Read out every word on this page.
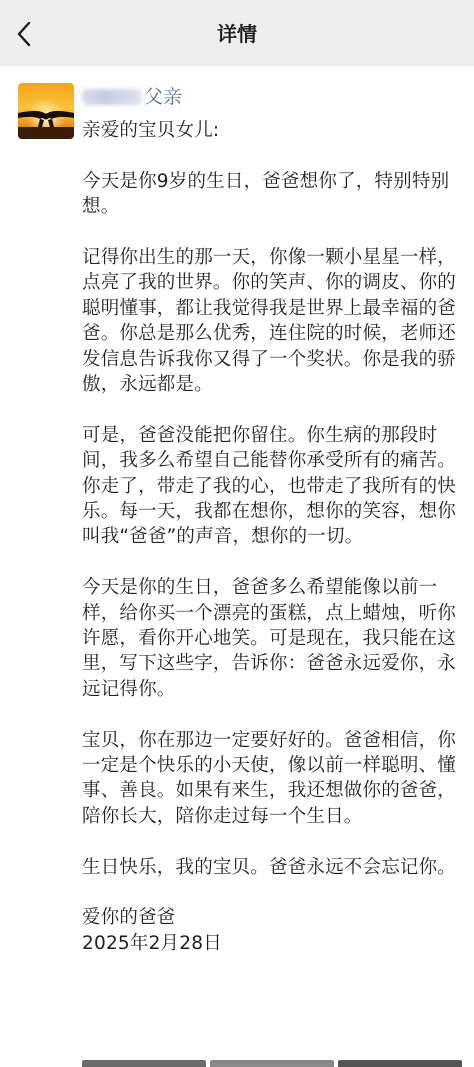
详情
父亲

亲爱的宝贝女儿:

今天是你9岁的生日，爸爸想你了，特别特别想。

记得你出生的那一天，你像一颗小星星一样，点亮了我的世界。你的笑声、你的调皮、你的聪明懂事，都让我觉得我是世界上最幸福的爸爸。你总是那么优秀，连住院的时候，老师还发信息告诉我你又得了一个奖状。你是我的骄傲，永远都是。

可是，爸爸没能把你留住。你生病的那段时间，我多么希望自己能替你承受所有的痛苦。你走了，带走了我的心，也带走了我所有的快乐。每一天，我都在想你，想你的笑容，想你叫我“爸爸”的声音，想你的一切。

今天是你的生日，爸爸多么希望能像以前一样，给你买一个漂亮的蛋糕，点上蜡烛，听你许愿，看你开心地笑。可是现在，我只能在这里，写下这些字，告诉你：爸爸永远爱你，永远记得你。

宝贝，你在那边一定要好好的。爸爸相信，你一定是个快乐的小天使，像以前一样聪明、懂事、善良。如果有来生，我还想做你的爸爸，陪你长大，陪你走过每一个生日。

生日快乐，我的宝贝。爸爸永远不会忘记你。

爱你的爸爸

2025年2月28日
